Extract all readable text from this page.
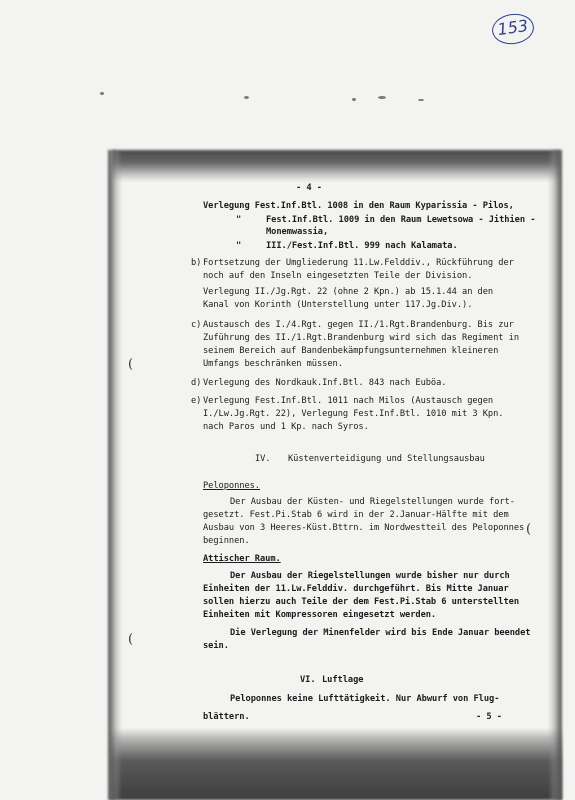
(
(
(
153
- 4 -
Verlegung Fest.Inf.Btl. 1008 in den Raum Kyparissia - Pilos,
"	Fest.Inf.Btl. 1009 in den Raum Lewetsowa - Jithien -
Monemwassia,
"	III./Fest.Inf.Btl. 999 nach Kalamata.
b) Fortsetzung der Umgliederung 11.Lw.Felddiv., Rückführung der
noch auf den Inseln eingesetzten Teile der Division.
Verlegung II./Jg.Rgt. 22 (ohne 2 Kpn.) ab 15.1.44 an den
Kanal von Korinth (Unterstellung unter 117.Jg.Div.).
c) Austausch des I./4.Rgt. gegen II./1.Rgt.Brandenburg. Bis zur
Zuführung des II./1.Rgt.Brandenburg wird sich das Regiment in
seinem Bereich auf Bandenbekämpfungsunternehmen kleineren
Umfangs beschränken müssen.
d) Verlegung des Nordkauk.Inf.Btl. 843 nach Euböa.
e) Verlegung Fest.Inf.Btl. 1011 nach Milos (Austausch gegen
I./Lw.Jg.Rgt. 22), Verlegung Fest.Inf.Btl. 1010 mit 3 Kpn.
nach Paros und 1 Kp. nach Syros.
IV. Küstenverteidigung und Stellungsausbau
Peloponnes.
Der Ausbau der Küsten- und Riegelstellungen wurde fort-
gesetzt. Fest.Pi.Stab 6 wird in der 2.Januar-Hälfte mit dem
Ausbau von 3 Heeres-Küst.Bttrn. im Nordwestteil des Peloponnes
beginnen.
Attischer Raum.
Der Ausbau der Riegelstellungen wurde bisher nur durch
Einheiten der 11.Lw.Felddiv. durchgeführt. Bis Mitte Januar
sollen hierzu auch Teile der dem Fest.Pi.Stab 6 unterstellten
Einheiten mit Kompressoren eingesetzt werden.
Die Verlegung der Minenfelder wird bis Ende Januar beendet
sein.
VI. Luftlage
Peloponnes keine Lufttätigkeit. Nur Abwurf von Flug-
blättern.	- 5 -
